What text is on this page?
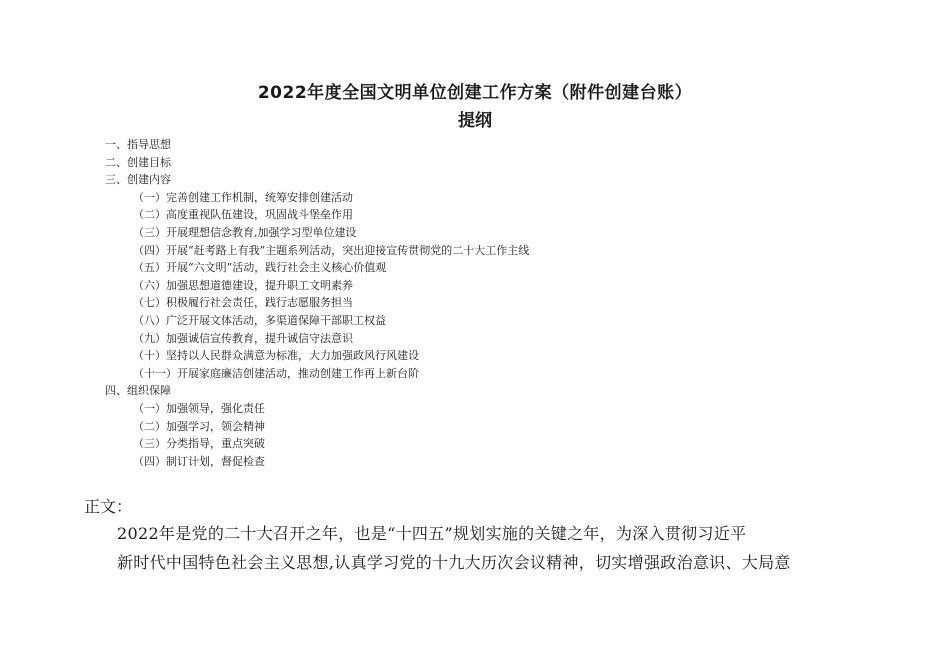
2022年度全国文明单位创建工作方案（附件创建台账）
提纲
一、指导思想
二、创建目标
三、创建内容
（一）完善创建工作机制，统筹安排创建活动
（二）高度重视队伍建设，巩固战斗堡垒作用
（三）开展理想信念教育,加强学习型单位建设
（四）开展“赶考路上有我”主题系列活动，突出迎接宣传贯彻党的二十大工作主线
（五）开展“六文明”活动，践行社会主义核心价值观
（六）加强思想道德建设，提升职工文明素养
（七）积极履行社会责任，践行志愿服务担当
（八）广泛开展文体活动，多渠道保障干部职工权益
（九）加强诚信宣传教育，提升诚信守法意识
（十）坚持以人民群众满意为标准，大力加强政风行风建设
（十一）开展家庭廉洁创建活动，推动创建工作再上新台阶
四、组织保障
（一）加强领导，强化责任
（二）加强学习，领会精神
（三）分类指导，重点突破
（四）制订计划，督促检查
正文：
2022年是党的二十大召开之年，也是“十四五”规划实施的关键之年，为深入贯彻习近平
新时代中国特色社会主义思想,认真学习党的十九大历次会议精神，切实增强政治意识、大局意
